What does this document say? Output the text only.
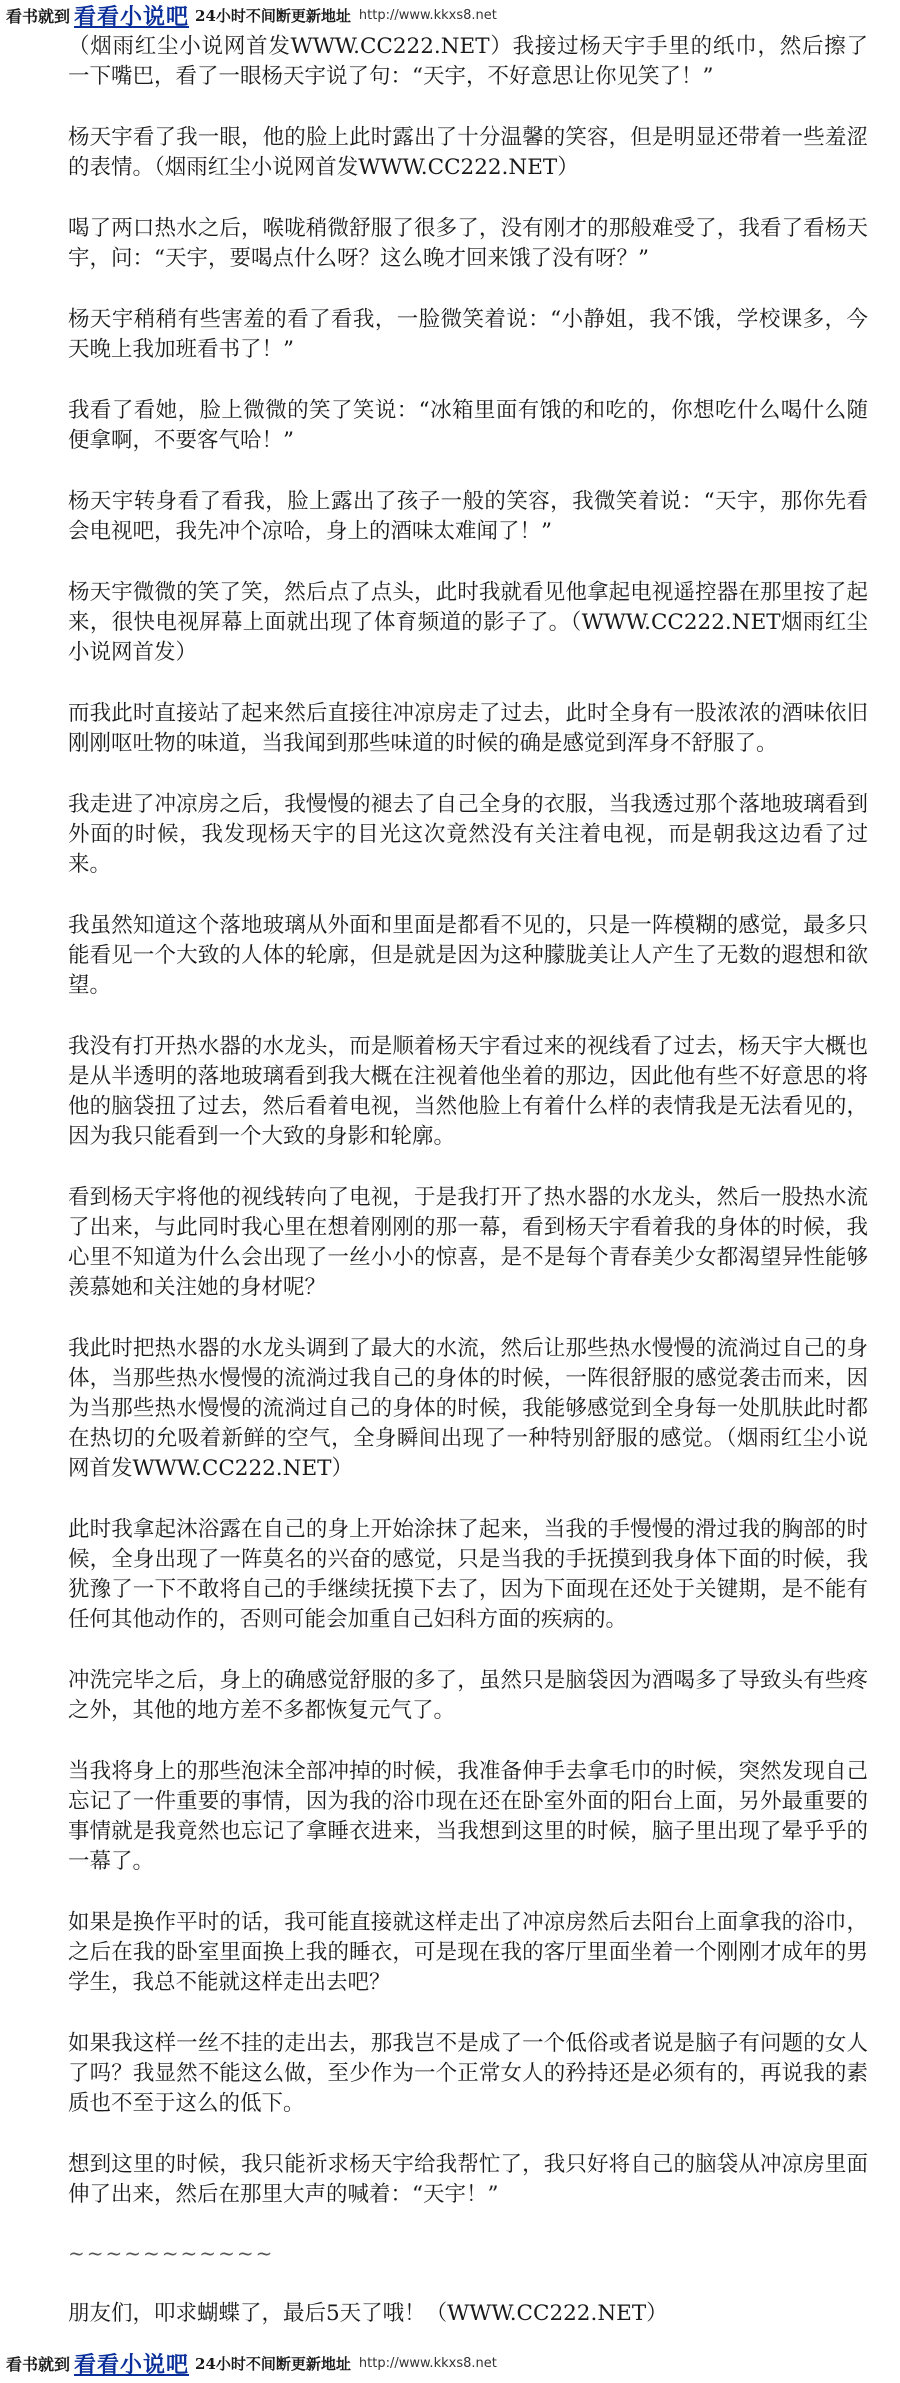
看书就到 看看小说吧 24小时不间断更新地址 http://www.kkxs8.net

（烟雨红尘小说网首发WWW.CC222.NET）我接过杨天宇手里的纸巾，然后擦了一下嘴巴，看了一眼杨天宇说了句：“天宇，不好意思让你见笑了！”

杨天宇看了我一眼，他的脸上此时露出了十分温馨的笑容，但是明显还带着一些羞涩的表情。（烟雨红尘小说网首发WWW.CC222.NET）

喝了两口热水之后，喉咙稍微舒服了很多了，没有刚才的那般难受了，我看了看杨天宇，问：“天宇，要喝点什么呀？这么晚才回来饿了没有呀？”

杨天宇稍稍有些害羞的看了看我，一脸微笑着说：“小静姐，我不饿，学校课多，今天晚上我加班看书了！”

我看了看她，脸上微微的笑了笑说：“冰箱里面有饿的和吃的，你想吃什么喝什么随便拿啊，不要客气哈！”

杨天宇转身看了看我，脸上露出了孩子一般的笑容，我微笑着说：“天宇，那你先看会电视吧，我先冲个凉哈，身上的酒味太难闻了！”

杨天宇微微的笑了笑，然后点了点头，此时我就看见他拿起电视遥控器在那里按了起来，很快电视屏幕上面就出现了体育频道的影子了。（WWW.CC222.NET烟雨红尘小说网首发）

而我此时直接站了起来然后直接往冲凉房走了过去，此时全身有一股浓浓的酒味依旧刚刚呕吐物的味道，当我闻到那些味道的时候的确是感觉到浑身不舒服了。

我走进了冲凉房之后，我慢慢的褪去了自己全身的衣服，当我透过那个落地玻璃看到外面的时候，我发现杨天宇的目光这次竟然没有关注着电视，而是朝我这边看了过来。

我虽然知道这个落地玻璃从外面和里面是都看不见的，只是一阵模糊的感觉，最多只能看见一个大致的人体的轮廓，但是就是因为这种朦胧美让人产生了无数的遐想和欲望。

我没有打开热水器的水龙头，而是顺着杨天宇看过来的视线看了过去，杨天宇大概也是从半透明的落地玻璃看到我大概在注视着他坐着的那边，因此他有些不好意思的将他的脑袋扭了过去，然后看着电视，当然他脸上有着什么样的表情我是无法看见的，因为我只能看到一个大致的身影和轮廓。

看到杨天宇将他的视线转向了电视，于是我打开了热水器的水龙头，然后一股热水流了出来，与此同时我心里在想着刚刚的那一幕，看到杨天宇看着我的身体的时候，我心里不知道为什么会出现了一丝小小的惊喜，是不是每个青春美少女都渴望异性能够羡慕她和关注她的身材呢？

我此时把热水器的水龙头调到了最大的水流，然后让那些热水慢慢的流淌过自己的身体，当那些热水慢慢的流淌过我自己的身体的时候，一阵很舒服的感觉袭击而来，因为当那些热水慢慢的流淌过自己的身体的时候，我能够感觉到全身每一处肌肤此时都在热切的允吸着新鲜的空气，全身瞬间出现了一种特别舒服的感觉。（烟雨红尘小说网首发WWW.CC222.NET）

此时我拿起沐浴露在自己的身上开始涂抹了起来，当我的手慢慢的滑过我的胸部的时候，全身出现了一阵莫名的兴奋的感觉，只是当我的手抚摸到我身体下面的时候，我犹豫了一下不敢将自己的手继续抚摸下去了，因为下面现在还处于关键期，是不能有任何其他动作的，否则可能会加重自己妇科方面的疾病的。

冲洗完毕之后，身上的确感觉舒服的多了，虽然只是脑袋因为酒喝多了导致头有些疼之外，其他的地方差不多都恢复元气了。

当我将身上的那些泡沫全部冲掉的时候，我准备伸手去拿毛巾的时候，突然发现自己忘记了一件重要的事情，因为我的浴巾现在还在卧室外面的阳台上面，另外最重要的事情就是我竟然也忘记了拿睡衣进来，当我想到这里的时候，脑子里出现了晕乎乎的一幕了。

如果是换作平时的话，我可能直接就这样走出了冲凉房然后去阳台上面拿我的浴巾，之后在我的卧室里面换上我的睡衣，可是现在我的客厅里面坐着一个刚刚才成年的男学生，我总不能就这样走出去吧？

如果我这样一丝不挂的走出去，那我岂不是成了一个低俗或者说是脑子有问题的女人了吗？我显然不能这么做，至少作为一个正常女人的矜持还是必须有的，再说我的素质也不至于这么的低下。

想到这里的时候，我只能祈求杨天宇给我帮忙了，我只好将自己的脑袋从冲凉房里面伸了出来，然后在那里大声的喊着：“天宇！”

~~~~~~~~~~~

朋友们，叩求蝴蝶了，最后5天了哦！（WWW.CC222.NET）

看书就到 看看小说吧 24小时不间断更新地址 http://www.kkxs8.net
